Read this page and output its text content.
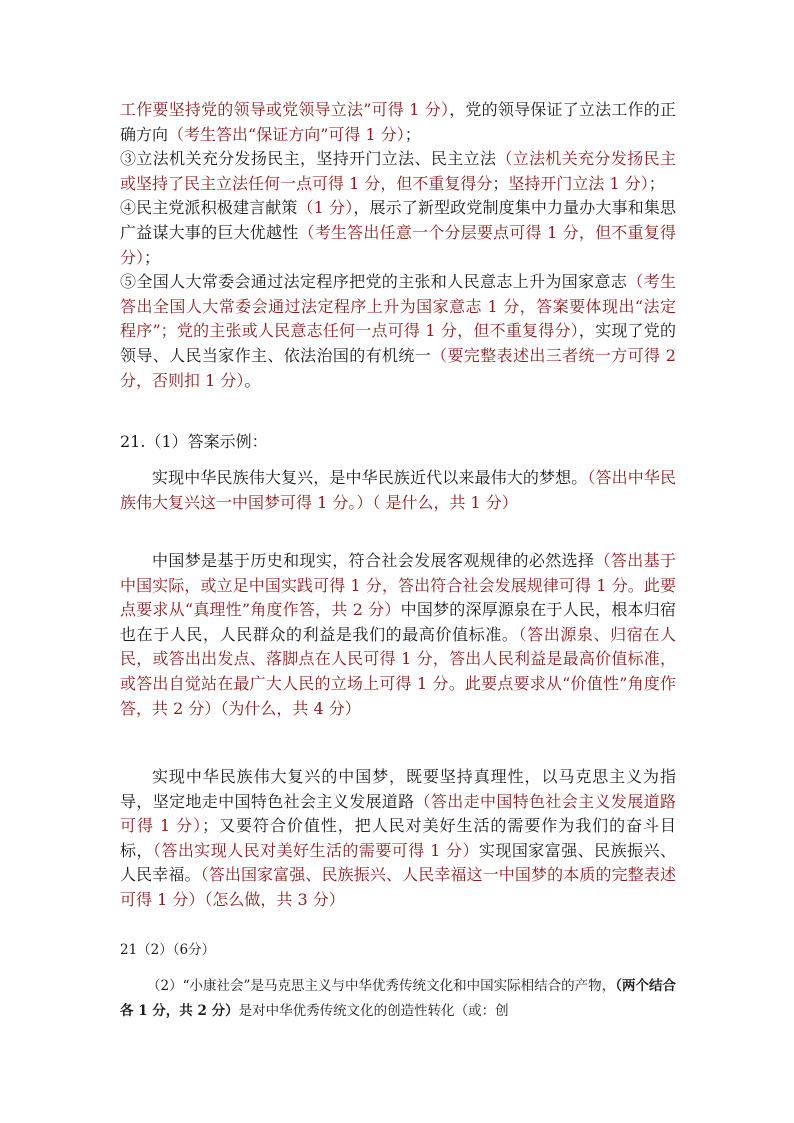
工作要坚持党的领导或党领导立法”可得 1 分），党的领导保证了立法工作的正确方向（考生答出“保证方向”可得 1 分）；

③立法机关充分发扬民主，坚持开门立法、民主立法（立法机关充分发扬民主或坚持了民主立法任何一点可得 1 分，但不重复得分；坚持开门立法 1 分）；

④民主党派积极建言献策（1 分），展示了新型政党制度集中力量办大事和集思广益谋大事的巨大优越性（考生答出任意一个分层要点可得 1 分，但不重复得分）；

⑤全国人大常委会通过法定程序把党的主张和人民意志上升为国家意志（考生答出全国人大常委会通过法定程序上升为国家意志 1 分，答案要体现出“法定程序”；党的主张或人民意志任何一点可得 1 分，但不重复得分），实现了党的领导、人民当家作主、依法治国的有机统一（要完整表述出三者统一方可得 2 分，否则扣 1 分）。

21.（1）答案示例：

实现中华民族伟大复兴，是中华民族近代以来最伟大的梦想。（答出中华民族伟大复兴这一中国梦可得 1 分。）（ 是什么，共 1 分）

中国梦是基于历史和现实，符合社会发展客观规律的必然选择（答出基于中国实际，或立足中国实践可得 1 分，答出符合社会发展规律可得 1 分。此要点要求从“真理性”角度作答，共 2 分）中国梦的深厚源泉在于人民，根本归宿也在于人民，人民群众的利益是我们的最高价值标准。（答出源泉、归宿在人民，或答出出发点、落脚点在人民可得 1 分，答出人民利益是最高价值标准，或答出自觉站在最广大人民的立场上可得 1 分。此要点要求从“价值性”角度作答，共 2 分）（为什么，共 4 分）

实现中华民族伟大复兴的中国梦，既要坚持真理性，以马克思主义为指导，坚定地走中国特色社会主义发展道路（答出走中国特色社会主义发展道路可得 1 分）；又要符合价值性，把人民对美好生活的需要作为我们的奋斗目标，（答出实现人民对美好生活的需要可得 1 分）实现国家富强、民族振兴、人民幸福。（答出国家富强、民族振兴、人民幸福这一中国梦的本质的完整表述可得 1 分）（怎么做，共 3 分）

21（2）（6分）

（2）“小康社会”是马克思主义与中华优秀传统文化和中国实际相结合的产物，（两个结合各 1 分，共 2 分）是对中华优秀传统文化的创造性转化（或：创
